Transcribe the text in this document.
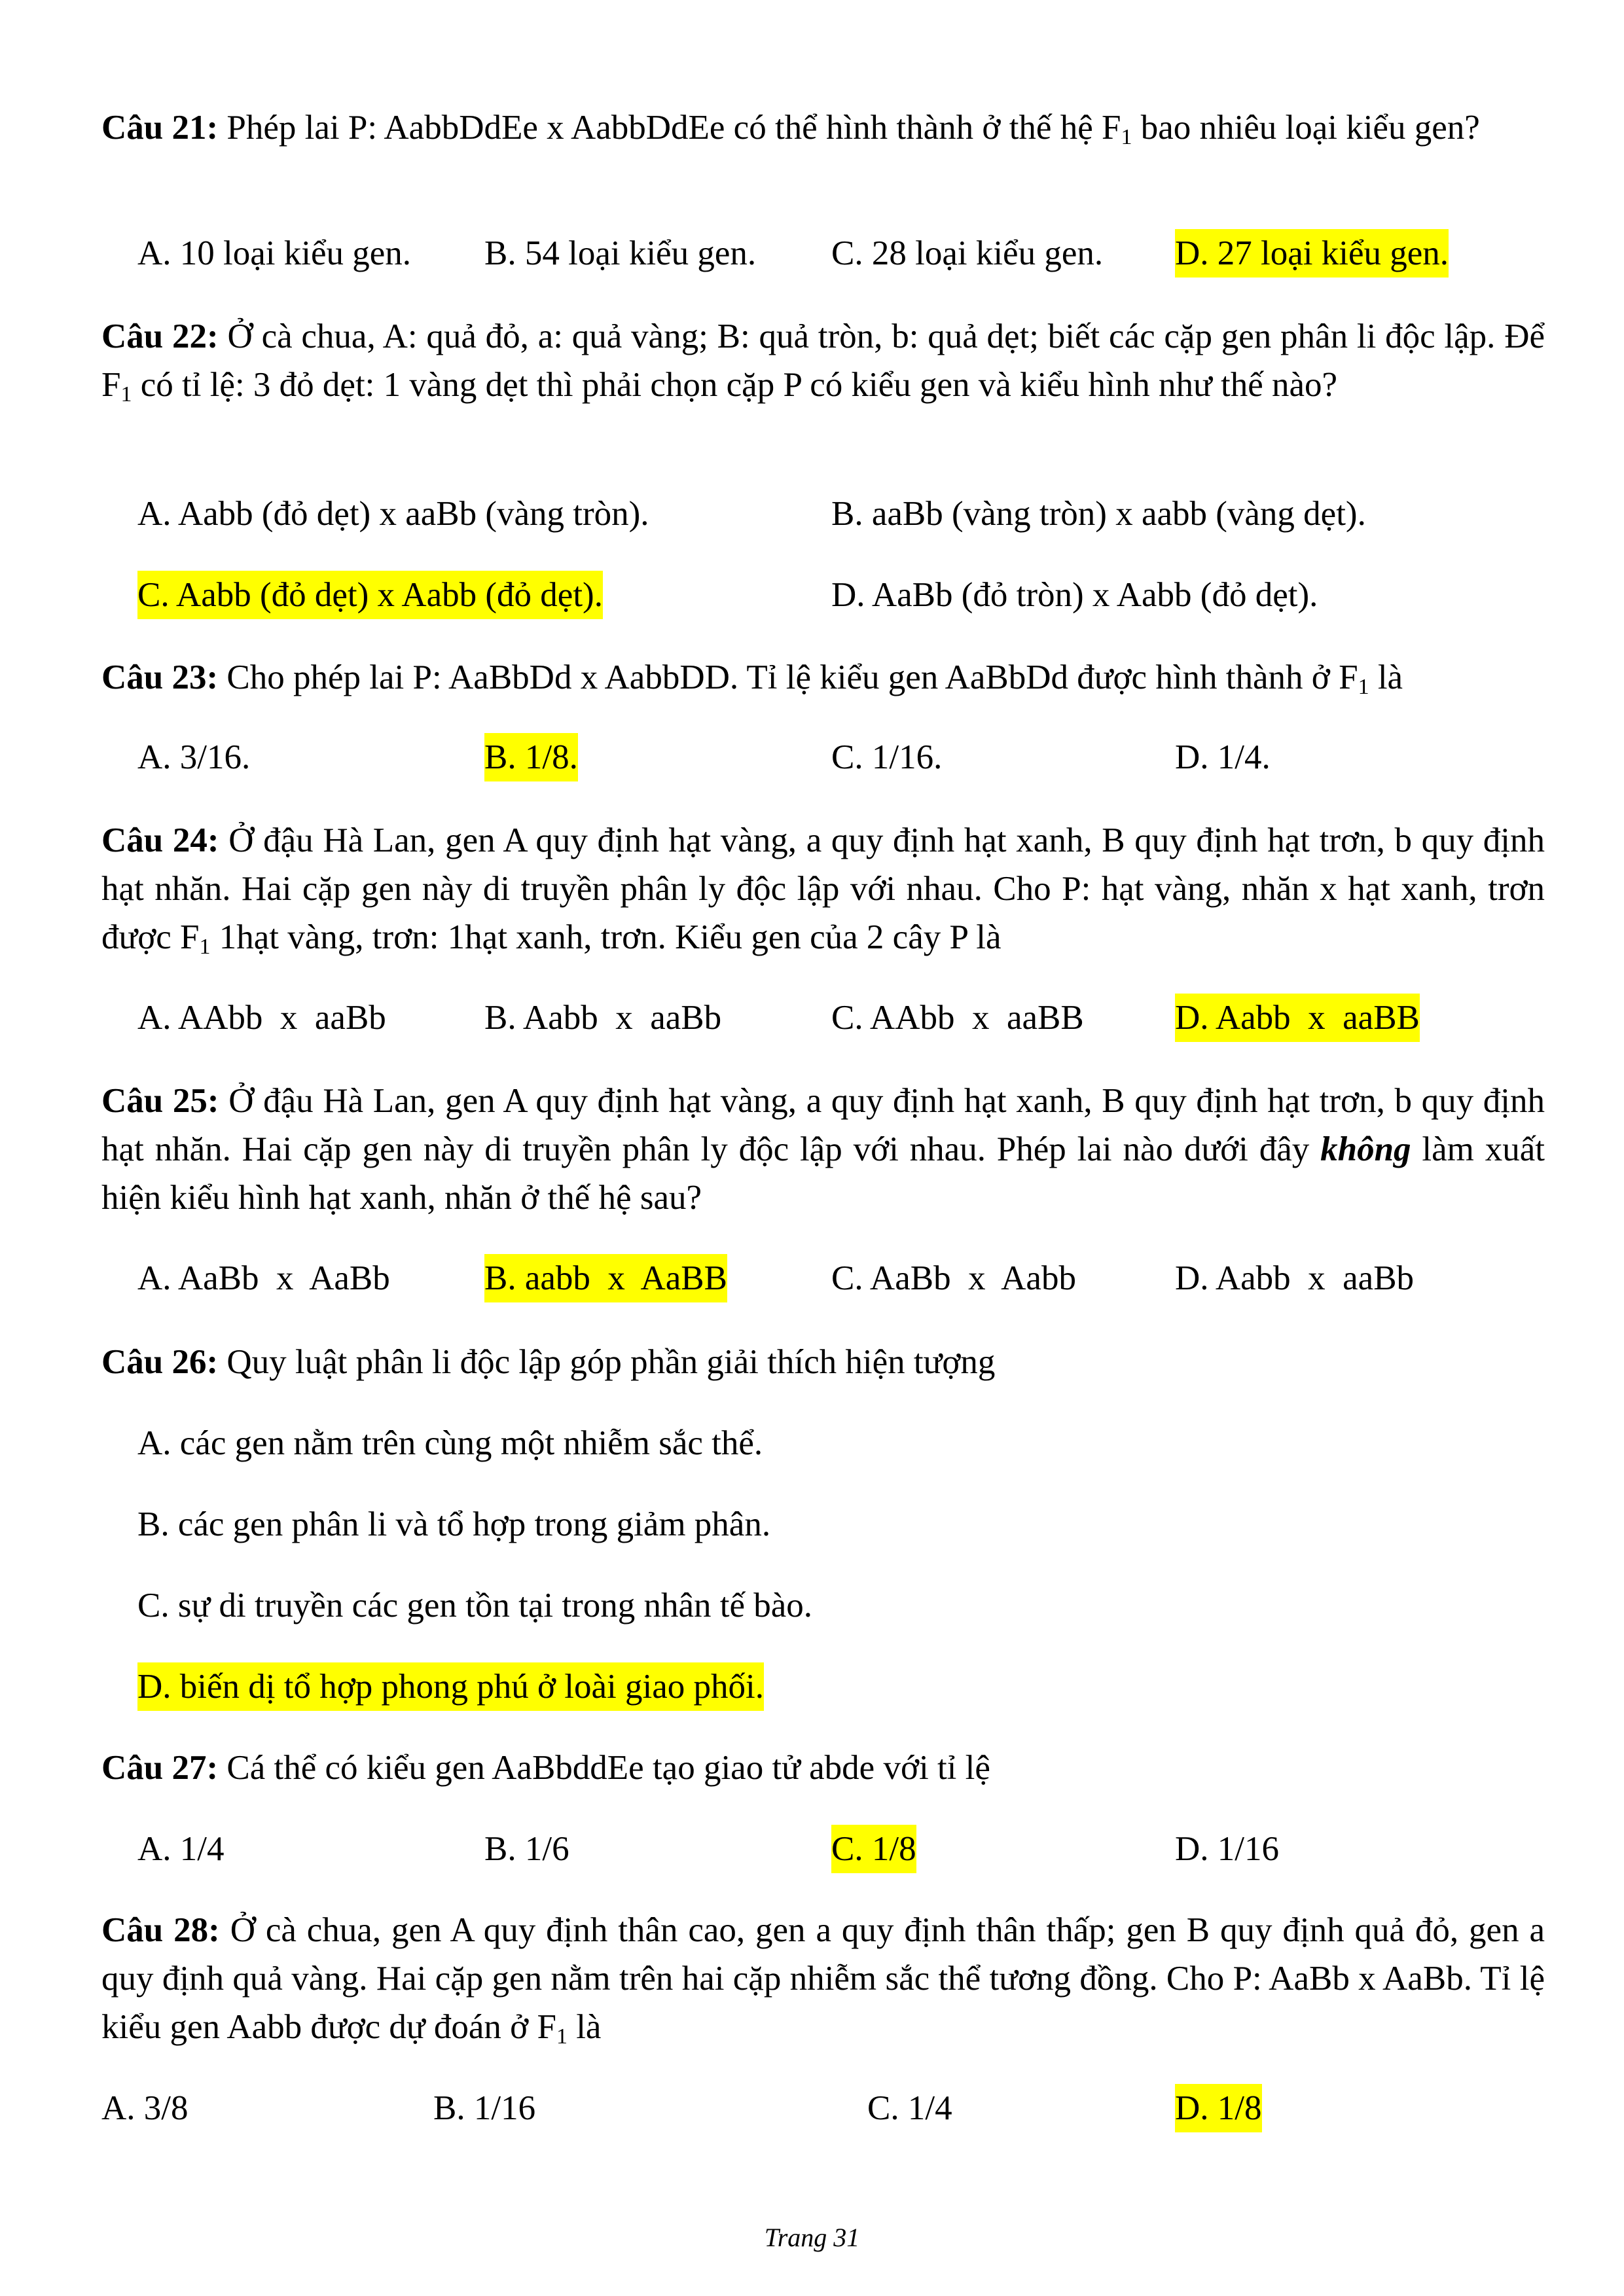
Câu 21: Phép lai P: AabbDdEe x AabbDdEe có thể hình thành ở thế hệ $F_1$ bao nhiêu loại kiểu gen?
A. 10 loại kiểu gen. B. 54 loại kiểu gen. C. 28 loại kiểu gen. D. 27 loại kiểu gen.
Câu 22: Ở cà chua, A: quả đỏ, a: quả vàng; B: quả tròn, b: quả dẹt; biết các cặp gen phân li độc lập. Để $F_1$ có tỉ lệ: 3 đỏ dẹt: 1 vàng dẹt thì phải chọn cặp P có kiểu gen và kiểu hình như thế nào?
A. Aabb (đỏ dẹt) x aaBb (vàng tròn).	B. aaBb (vàng tròn) x aabb (vàng dẹt).
C. Aabb (đỏ dẹt) x Aabb (đỏ dẹt).	D. AaBb (đỏ tròn) x Aabb (đỏ dẹt).
Câu 23: Cho phép lai P: AaBbDd x AabbDD. Tỉ lệ kiểu gen AaBbDd được hình thành ở $F_1$ là
A. 3/16.	B. 1/8.	C. 1/16.	D. 1/4.
Câu 24: Ở đậu Hà Lan, gen A quy định hạt vàng, a quy định hạt xanh, B quy định hạt trơn, b quy định hạt nhăn. Hai cặp gen này di truyền phân ly độc lập với nhau. Cho P: hạt vàng, nhăn x hạt xanh, trơn được $F_1$ 1hạt vàng, trơn: 1hạt xanh, trơn. Kiểu gen của 2 cây P là
A. AAbb  x  aaBb	B. Aabb  x  aaBb	C. AAbb  x  aaBB	D. Aabb  x  aaBB
Câu 25: Ở đậu Hà Lan, gen A quy định hạt vàng, a quy định hạt xanh, B quy định hạt trơn, b quy định hạt nhăn. Hai cặp gen này di truyền phân ly độc lập với nhau. Phép lai nào dưới đây không làm xuất hiện kiểu hình hạt xanh, nhăn ở thế hệ sau?
A. AaBb  x  AaBb	B. aabb  x  AaBB	C. AaBb  x  Aabb	D. Aabb  x  aaBb
Câu 26: Quy luật phân li độc lập góp phần giải thích hiện tượng
A. các gen nằm trên cùng một nhiễm sắc thể.
B. các gen phân li và tổ hợp trong giảm phân.
C. sự di truyền các gen tồn tại trong nhân tế bào.
D. biến dị tổ hợp phong phú ở loài giao phối.
Câu 27: Cá thể có kiểu gen AaBbddEe tạo giao tử abde với tỉ lệ
A. 1/4	B. 1/6	C. 1/8	D. 1/16
Câu 28: Ở cà chua, gen A quy định thân cao, gen a quy định thân thấp; gen B quy định quả đỏ, gen a quy định quả vàng. Hai cặp gen nằm trên hai cặp nhiễm sắc thể tương đồng. Cho P: AaBb x AaBb. Tỉ lệ kiểu gen Aabb được dự đoán ở $F_1$ là
A. 3/8	B. 1/16	C. 1/4	D. 1/8
Trang 31
